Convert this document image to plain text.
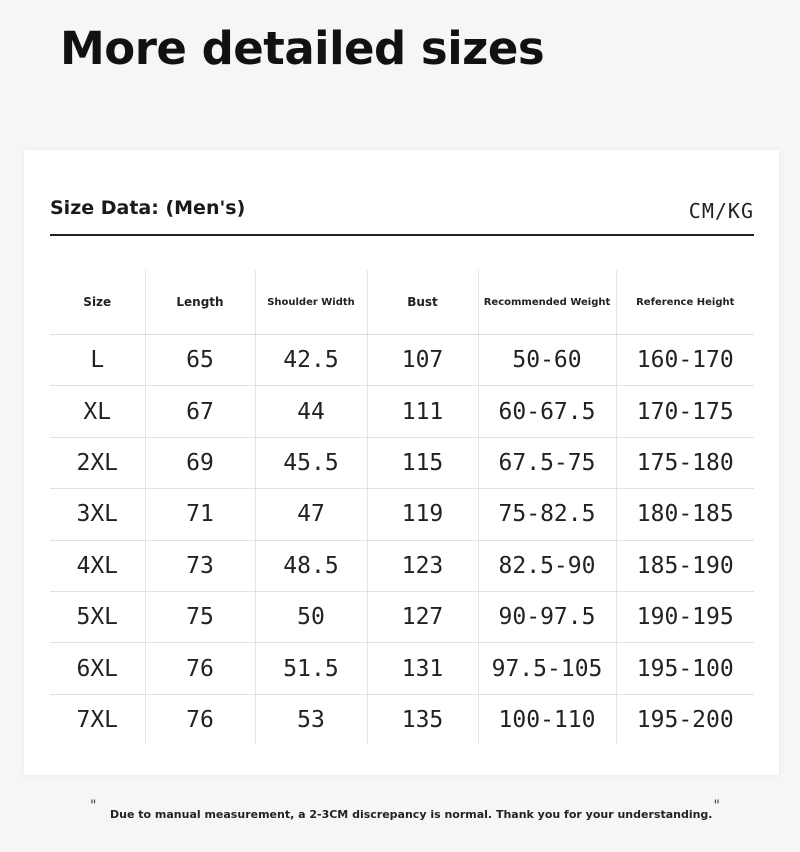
More detailed sizes
Size Data: (Men's)	CM/KG
Size	Length	Shoulder Width	Bust	Recommended Weight	Reference Height
L	65	42.5	107	50-60	160-170
XL	67	44	111	60-67.5	170-175
2XL	69	45.5	115	67.5-75	175-180
3XL	71	47	119	75-82.5	180-185
4XL	73	48.5	123	82.5-90	185-190
5XL	75	50	127	90-97.5	190-195
6XL	76	51.5	131	97.5-105	195-100
7XL	76	53	135	100-110	195-200
"
Due to manual measurement, a 2-3CM discrepancy is normal. Thank you for your understanding.
"
